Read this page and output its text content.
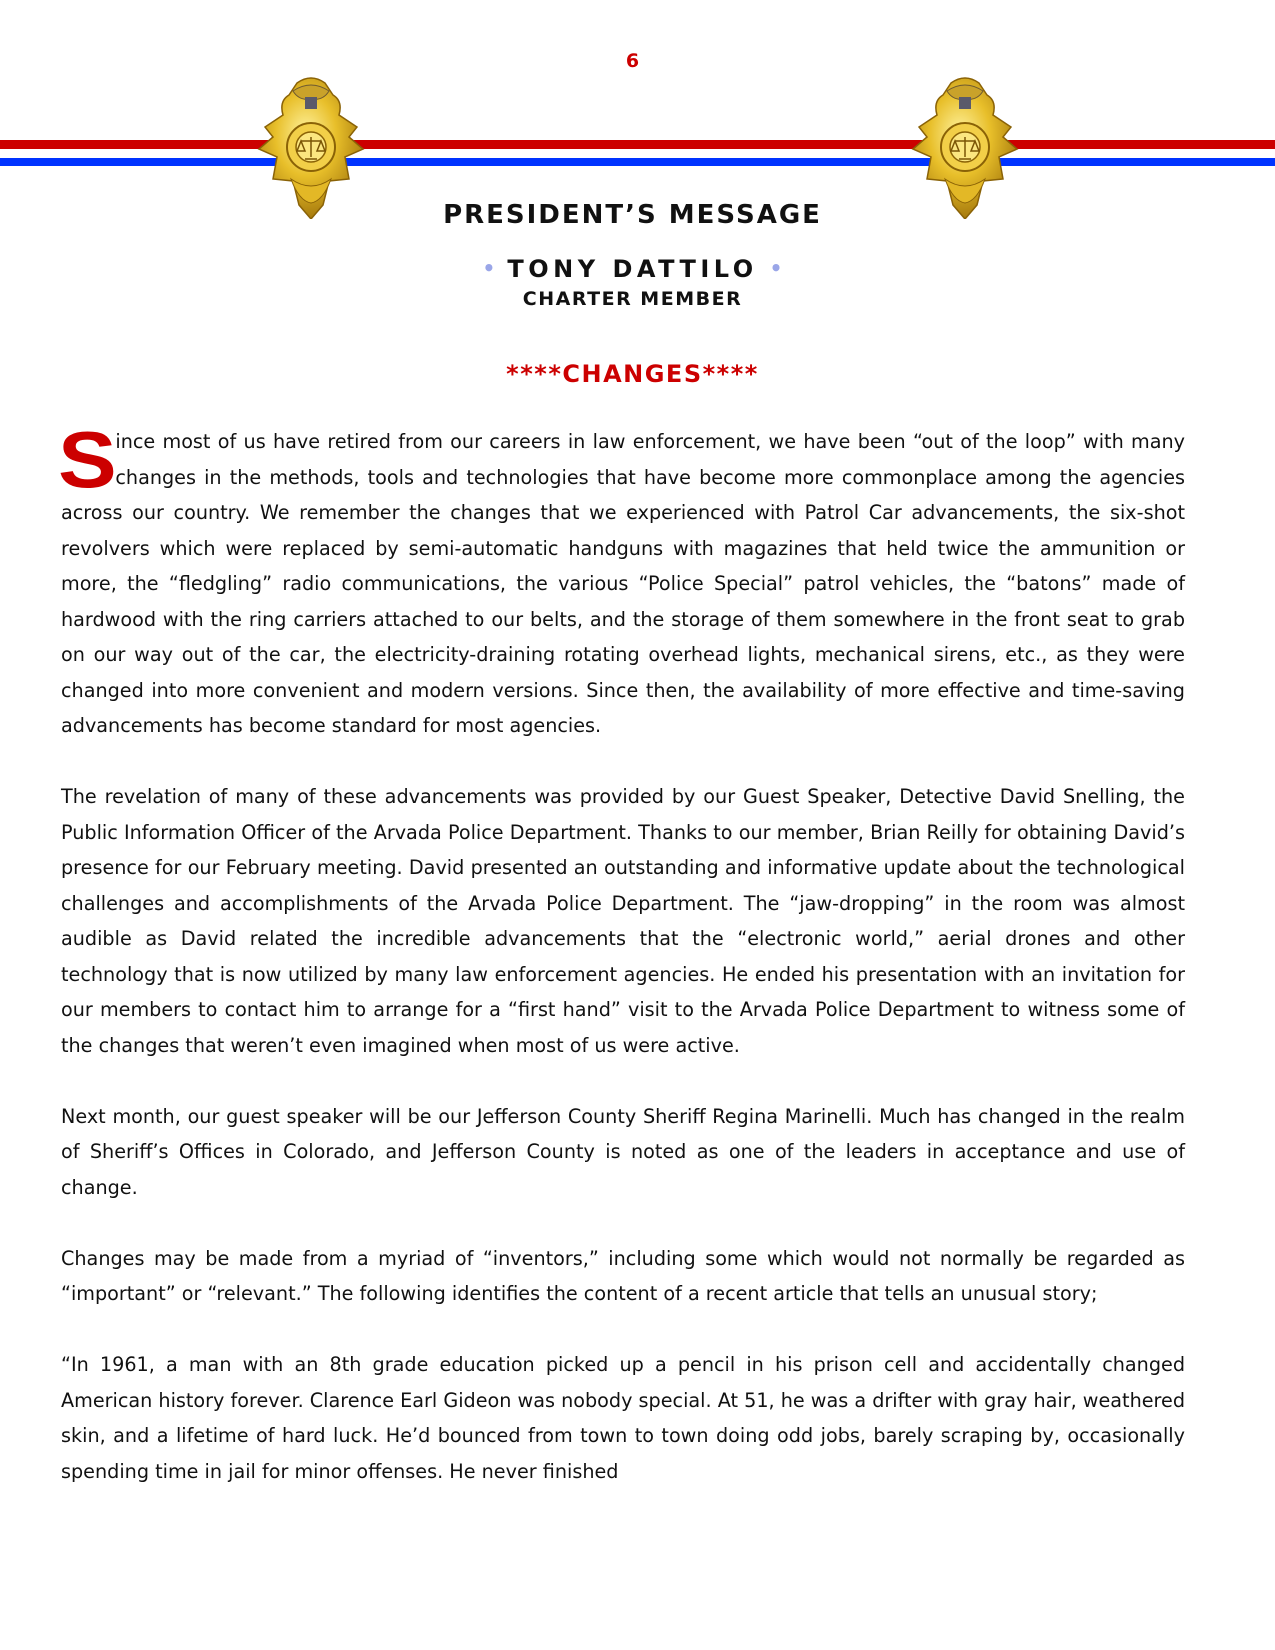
6
PRESIDENT’S MESSAGE
• TONY DATTILO •
CHARTER MEMBER
****CHANGES****

S
ince most of us have retired from our careers in law enforcement, we have been “out of the loop” with many changes in the methods, tools and technologies that have become more commonplace among the agencies across our country. We remember the changes that we experienced with Patrol Car advancements, the six-shot revolvers which were replaced by semi-automatic handguns with magazines that held twice the ammunition or more, the “fledgling” radio communications, the various “Police Special” patrol vehicles, the “batons” made of hardwood with the ring carriers attached to our belts, and the storage of them somewhere in the front seat to grab on our way out of the car, the electricity-draining rotating overhead lights, mechanical sirens, etc., as they were changed into more convenient and modern versions. Since then, the availability of more effective and time-saving advancements has become standard for most agencies.

The revelation of many of these advancements was provided by our Guest Speaker, Detective David Snelling, the Public Information Officer of the Arvada Police Department. Thanks to our member, Brian Reilly for obtaining David’s presence for our February meeting. David presented an outstanding and informative update about the technological challenges and accomplishments of the Arvada Police Department. The “jaw-dropping” in the room was almost audible as David related the incredible advancements that the “electronic world,” aerial drones and other technology that is now utilized by many law enforcement agencies. He ended his presentation with an invitation for our members to contact him to arrange for a “first hand” visit to the Arvada Police Department to witness some of the changes that weren’t even imagined when most of us were active.

Next month, our guest speaker will be our Jefferson County Sheriff Regina Marinelli. Much has changed in the realm of Sheriff’s Offices in Colorado, and Jefferson County is noted as one of the leaders in acceptance and use of change.

Changes may be made from a myriad of “inventors,” including some which would not normally be regarded as “important” or “relevant.” The following identifies the content of a recent article that tells an unusual story;

“In 1961, a man with an 8th grade education picked up a pencil in his prison cell and accidentally changed American history forever. Clarence Earl Gideon was nobody special. At 51, he was a drifter with gray hair, weathered skin, and a lifetime of hard luck. He’d bounced from town to town doing odd jobs, barely scraping by, occasionally spending time in jail for minor offenses. He never finished
